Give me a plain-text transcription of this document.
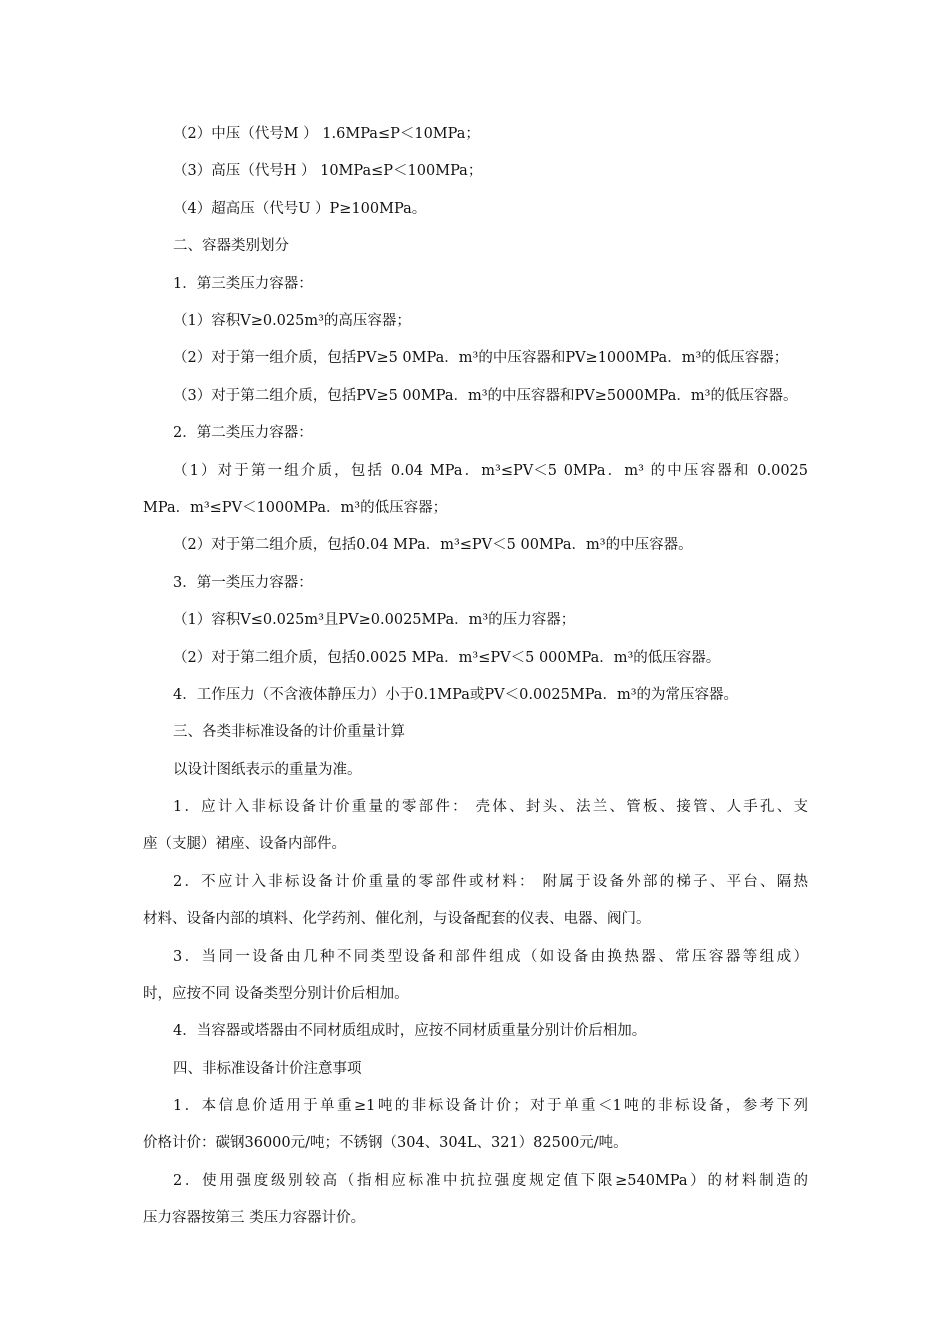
（2）中压（代号M ） 1.6MPa≤P＜10MPa；
（3）高压（代号H ） 10MPa≤P＜100MPa；
（4）超高压（代号U ）P≥100MPa。
二、容器类别划分
1．第三类压力容器：
（1）容积V≥0.025m³的高压容器；
（2）对于第一组介质，包括PV≥5 0MPa．m³的中压容器和PV≥1000MPa．m³的低压容器；
（3）对于第二组介质，包括PV≥5 00MPa．m³的中压容器和PV≥5000MPa．m³的低压容器。
2．第二类压力容器：
（1）对于第一组介质，包括 0.04 MPa．m³≤PV＜5 0MPa．m³ 的中压容器和 0.0025
MPa．m³≤PV＜1000MPa．m³的低压容器；
（2）对于第二组介质，包括0.04 MPa．m³≤PV＜5 00MPa．m³的中压容器。
3．第一类压力容器：
（1）容积V≤0.025m³且PV≥0.0025MPa．m³的压力容器；
（2）对于第二组介质，包括0.0025 MPa．m³≤PV＜5 000MPa．m³的低压容器。
4．工作压力（不含液体静压力）小于0.1MPa或PV＜0.0025MPa．m³的为常压容器。
三、各类非标准设备的计价重量计算
以设计图纸表示的重量为准。
1．应计入非标设备计价重量的零部件： 壳体、封头、法兰、管板、接管、人手孔、支
座（支腿）裙座、设备内部件。
2．不应计入非标设备计价重量的零部件或材料： 附属于设备外部的梯子、平台、隔热
材料、设备内部的填料、化学药剂、催化剂，与设备配套的仪表、电器、阀门。
3．当同一设备由几种不同类型设备和部件组成（如设备由换热器、常压容器等组成）
时，应按不同 设备类型分别计价后相加。
4．当容器或塔器由不同材质组成时，应按不同材质重量分别计价后相加。
四、非标准设备计价注意事项
1．本信息价适用于单重≥1吨的非标设备计价；对于单重＜1吨的非标设备，参考下列
价格计价：碳钢36000元/吨；不锈钢（304、304L、321）82500元/吨。
2．使用强度级别较高（指相应标准中抗拉强度规定值下限≥540MPa）的材料制造的
压力容器按第三 类压力容器计价。
